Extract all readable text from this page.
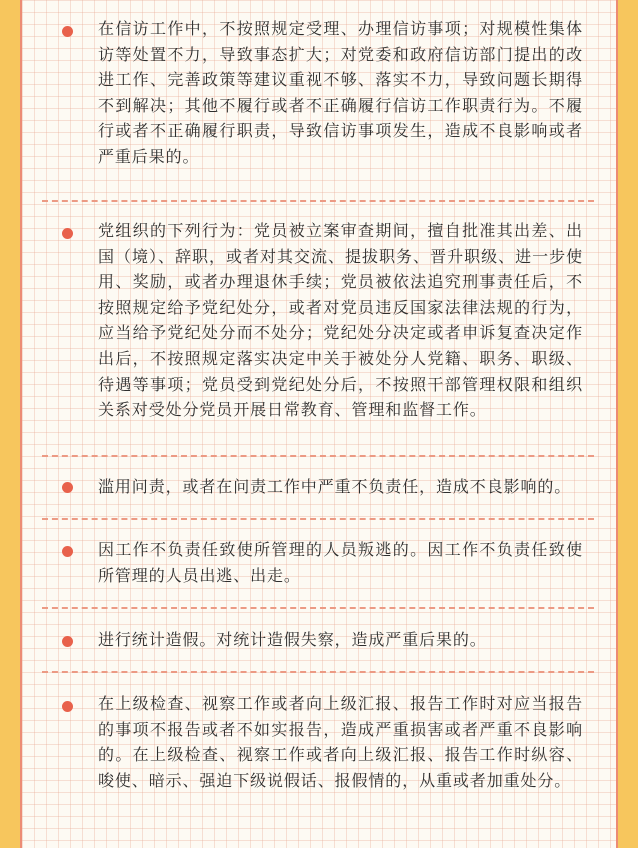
在信访工作中，不按照规定受理、办理信访事项；对规模性集体访等处置不力，导致事态扩大；对党委和政府信访部门提出的改进工作、完善政策等建议重视不够、落实不力，导致问题长期得不到解决；其他不履行或者不正确履行信访工作职责行为。不履行或者不正确履行职责，导致信访事项发生，造成不良影响或者严重后果的。

党组织的下列行为：党员被立案审查期间，擅自批准其出差、出国（境）、辞职，或者对其交流、提拔职务、晋升职级、进一步使用、奖励，或者办理退休手续；党员被依法追究刑事责任后，不按照规定给予党纪处分，或者对党员违反国家法律法规的行为，应当给予党纪处分而不处分；党纪处分决定或者申诉复查决定作出后，不按照规定落实决定中关于被处分人党籍、职务、职级、待遇等事项；党员受到党纪处分后，不按照干部管理权限和组织关系对受处分党员开展日常教育、管理和监督工作。

滥用问责，或者在问责工作中严重不负责任，造成不良影响的。

因工作不负责任致使所管理的人员叛逃的。因工作不负责任致使所管理的人员出逃、出走。

进行统计造假。对统计造假失察，造成严重后果的。

在上级检查、视察工作或者向上级汇报、报告工作时对应当报告的事项不报告或者不如实报告，造成严重损害或者严重不良影响的。在上级检查、视察工作或者向上级汇报、报告工作时纵容、唆使、暗示、强迫下级说假话、报假情的，从重或者加重处分。
